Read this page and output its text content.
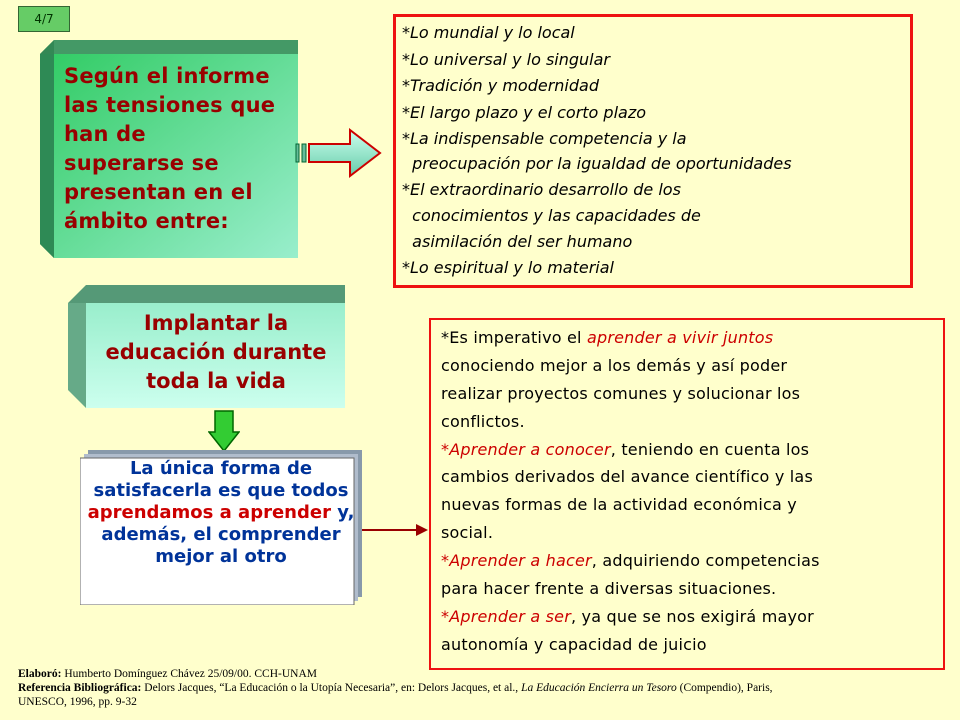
4/7
Según el informe
las tensiones que
han de
superarse se
presentan en el
ámbito entre:
*Lo mundial y lo local
*Lo universal y lo singular
*Tradición y modernidad
*El largo plazo y el corto plazo
*La indispensable competencia y la
preocupación por la igualdad de oportunidades
*El extraordinario desarrollo de los
conocimientos y las capacidades de
asimilación del ser humano
*Lo espiritual y lo material
Implantar la
educación durante
toda la vida
La única forma de satisfacerla es que todos aprendamos a aprender y, además, el comprender mejor al otro
*Es imperativo el aprender a vivir juntos
conociendo mejor a los demás y así poder
realizar proyectos comunes y solucionar los
conflictos.
*Aprender a conocer, teniendo en cuenta los
cambios derivados del avance científico y las
nuevas formas de la actividad económica y
social.
*Aprender a hacer, adquiriendo competencias
para hacer frente a diversas situaciones.
*Aprender a ser, ya que se nos exigirá mayor
autonomía y capacidad de juicio
Elaboró: Humberto Domínguez Chávez 25/09/00. CCH-UNAM
Referencia Bibliográfica: Delors Jacques, “La Educación o la Utopía Necesaria”, en: Delors Jacques, et al., La Educación Encierra un Tesoro (Compendio), Paris,
UNESCO, 1996, pp. 9-32
